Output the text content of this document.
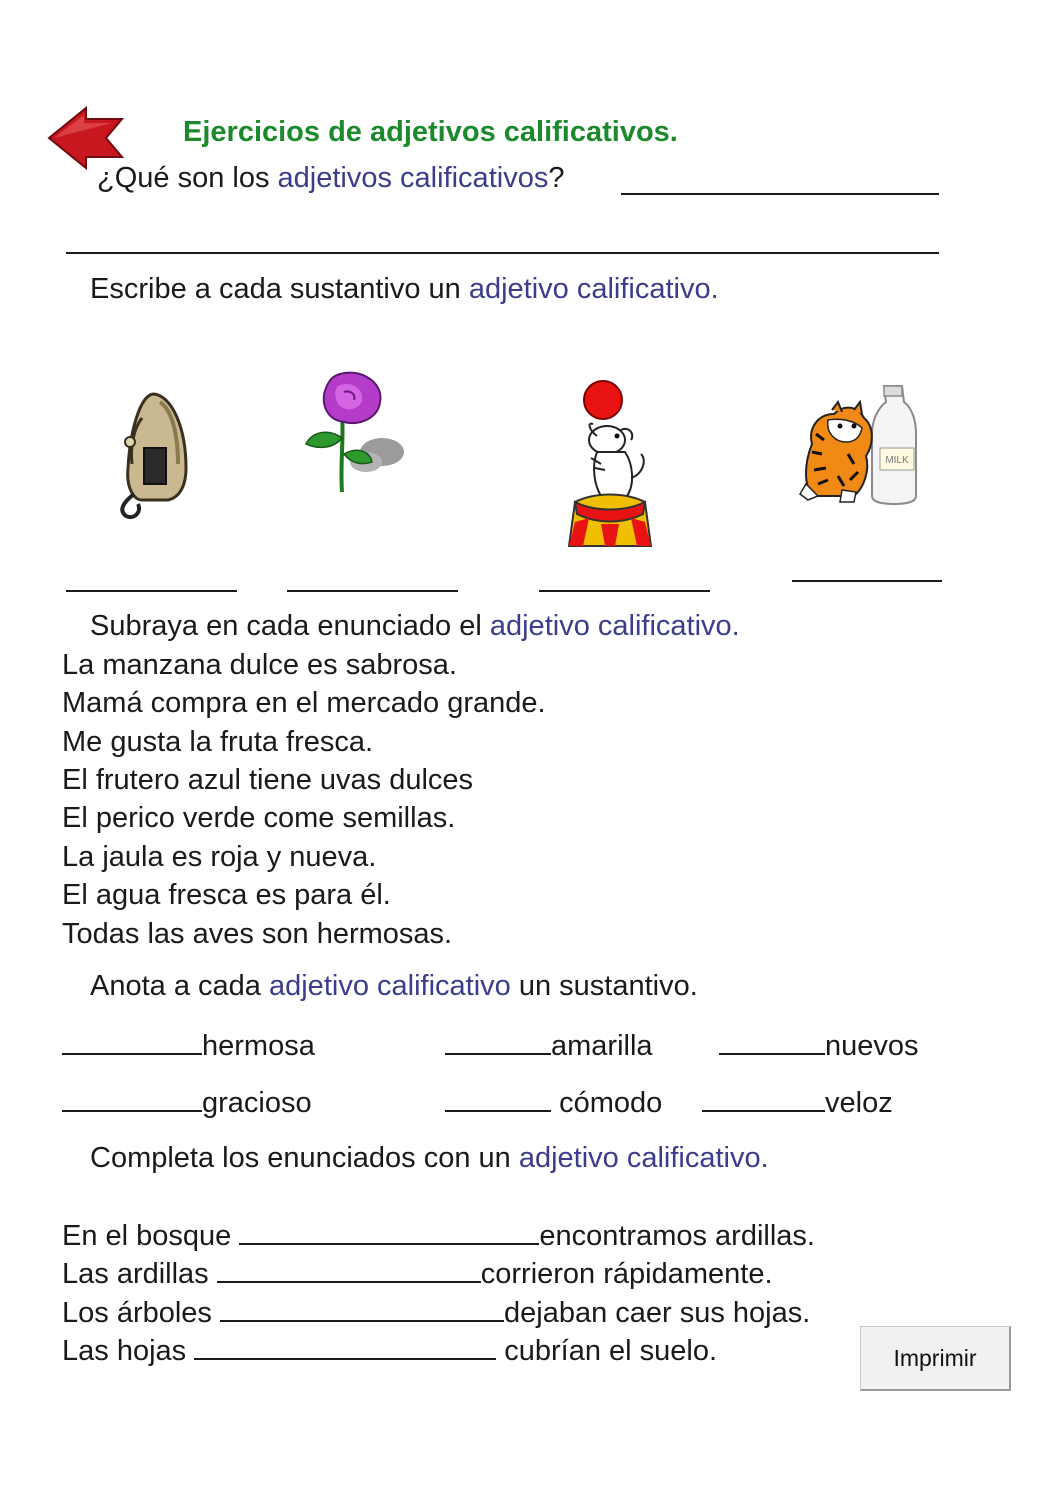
Ejercicios de adjetivos calificativos.
¿Qué son los adjetivos calificativos?
Escribe a cada sustantivo un adjetivo calificativo.
MILK
Subraya en cada enunciado el adjetivo calificativo.
La manzana dulce es sabrosa.
Mamá compra en el mercado grande.
Me gusta la fruta fresca.
El frutero azul tiene uvas dulces
El perico verde come semillas.
La jaula es roja y nueva.
El agua fresca es para él.
Todas las aves son hermosas.
Anota a cada adjetivo calificativo un sustantivo.
hermosa	amarilla	nuevos
gracioso	cómodo	veloz
Completa los enunciados con un adjetivo calificativo.
En el bosque	encontramos ardillas.
Las ardillas	corrieron rápidamente.
Los árboles	dejaban caer sus hojas.
Las hojas	cubrían el suelo.	Imprimir
